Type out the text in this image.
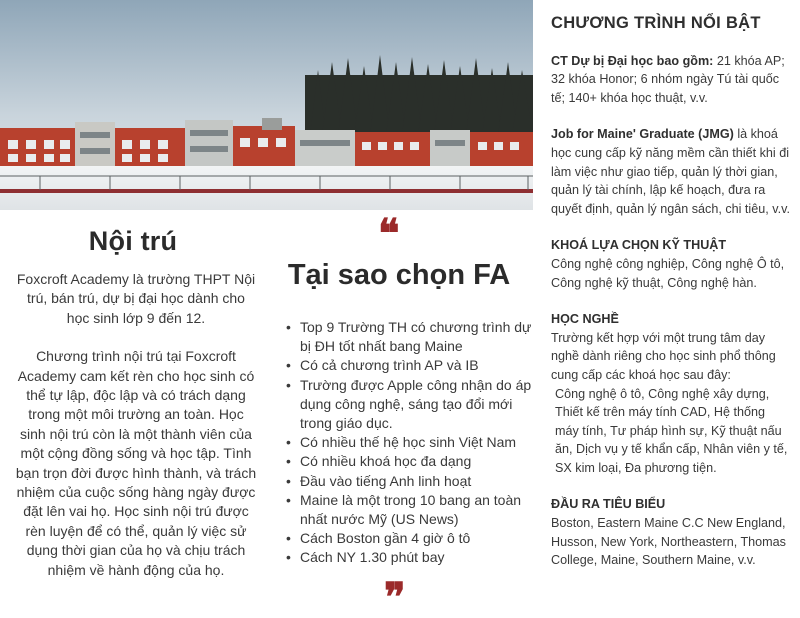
Nội trú

Foxcroft Academy là trường THPT Nội trú, bán trú, dự bị đại học dành cho học sinh lớp 9 đến 12.

Chương trình nội trú tại Foxcroft Academy cam kết rèn cho học sinh có thể tự lập, độc lập và có trách dạng trong một môi trường an toàn. Học sinh nội trú còn là một thành viên của một cộng đồng sống và học tập. Tình bạn trọn đời được hình thành, và trách nhiệm của cuộc sống hàng ngày được đặt lên vai họ. Học sinh nội trú được rèn luyện để có thể, quản lý việc sử dụng thời gian của họ và chịu trách nhiệm về hành động của họ.

❝
Tại sao chọn FA
• Top 9 Trường TH có chương trình dự bị ĐH tốt nhất bang Maine
• Có cả chương trình AP và IB
• Trường được Apple công nhận do áp dụng công nghệ, sáng tạo đổi mới trong giáo dục.
• Có nhiều thế hệ học sinh Việt Nam
• Có nhiều khoá học đa dạng
• Đầu vào tiếng Anh linh hoạt
• Maine là một trong 10 bang an toàn nhất nước Mỹ (US News)
• Cách Boston gần 4 giờ ô tô
• Cách NY 1.30 phút bay
❞
CHƯƠNG TRÌNH NỔI BẬT
CT Dự bị Đại học bao gồm: 21 khóa AP; 32 khóa Honor; 6 nhóm ngày Tú tài quốc tế; 140+ khóa học thuật, v.v.
Job for Maine' Graduate (JMG) là khoá học cung cấp kỹ năng mềm cần thiết khi đi làm việc như giao tiếp, quản lý thời gian, quản lý tài chính, lập kế hoạch, đưa ra quyết định, quản lý ngân sách, chi tiêu, v.v.
KHOÁ LỰA CHỌN KỸ THUẬT
Công nghệ công nghiệp, Công nghệ Ô tô, Công nghệ kỹ thuật, Công nghệ hàn.
HỌC NGHỀ
Trường kết hợp với một trung tâm day nghề dành riêng cho học sinh phổ thông cung cấp các khoá học sau đây:
Công nghệ ô tô, Công nghệ xây dựng, Thiết kế trên máy tính CAD, Hệ thống máy tính, Tư pháp hình sự, Kỹ thuật nấu ăn, Dịch vụ y tế khẩn cấp, Nhân viên y tế, SX kim loại, Đa phương tiện.
ĐẦU RA TIÊU BIỂU
Boston, Eastern Maine C.C New England, Husson, New York, Northeastern, Thomas College, Maine, Southern Maine, v.v.
